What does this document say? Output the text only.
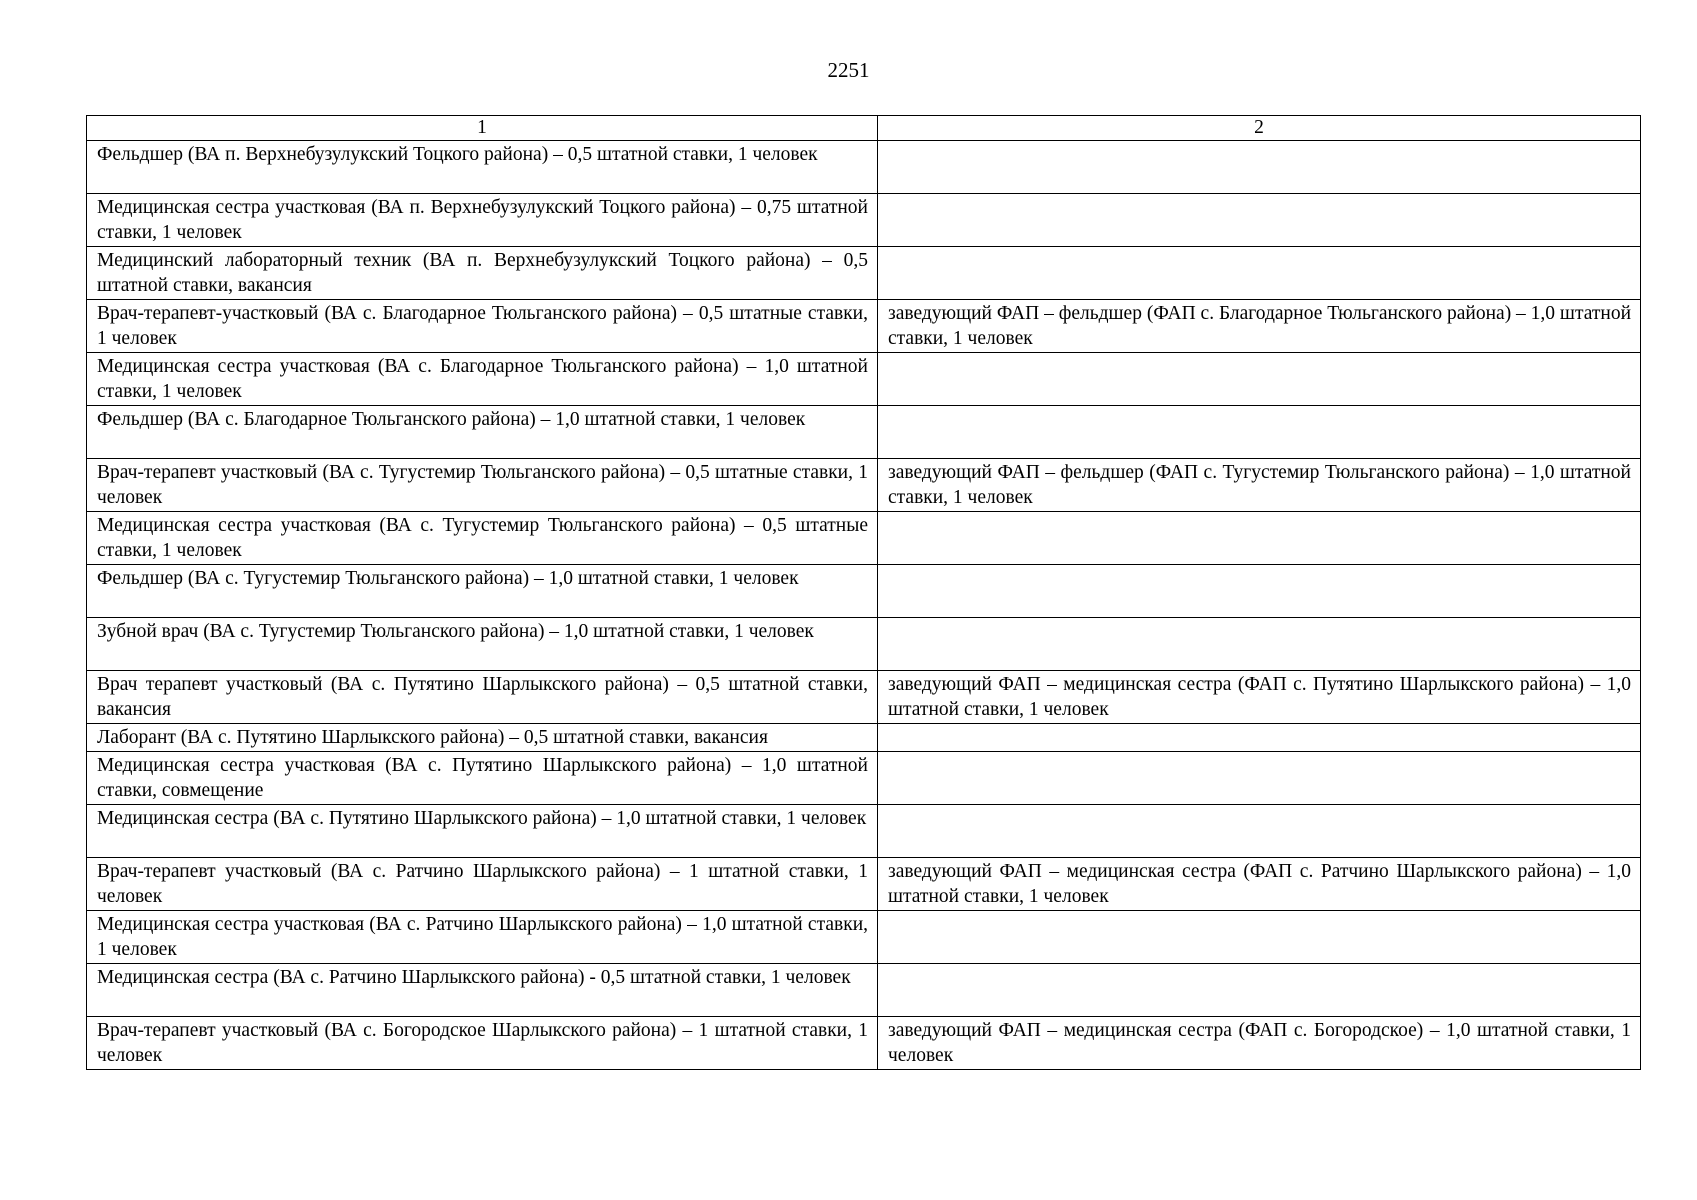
2251
1	2
Фельдшер (ВА п. Верхнебузулукский Тоцкого района) – 0,5 штатной ставки, 1 человек	
Медицинская сестра участковая (ВА п. Верхнебузулукский Тоцкого района) – 0,75 штатной ставки, 1 человек	
Медицинский лабораторный техник (ВА п. Верхнебузулукский Тоцкого района) – 0,5 штатной ставки, вакансия	
Врач-терапевт-участковый (ВА с. Благодарное Тюльганского района) – 0,5 штатные ставки, 1 человек	заведующий ФАП – фельдшер (ФАП с. Благодарное Тюльганского района) – 1,0 штатной ставки, 1 человек
Медицинская сестра участковая (ВА с. Благодарное Тюльганского района) – 1,0 штатной ставки, 1 человек	
Фельдшер (ВА с. Благодарное Тюльганского района) – 1,0 штатной ставки, 1 человек	
Врач-терапевт участковый (ВА с. Тугустемир Тюльганского района) – 0,5 штатные ставки, 1 человек	заведующий ФАП – фельдшер (ФАП с. Тугустемир Тюльганского района) – 1,0 штатной ставки, 1 человек
Медицинская сестра участковая (ВА с. Тугустемир Тюльганского района) – 0,5 штатные ставки, 1 человек	
Фельдшер (ВА с. Тугустемир Тюльганского района) – 1,0 штатной ставки, 1 человек	
Зубной врач (ВА с. Тугустемир Тюльганского района) – 1,0 штатной ставки, 1 человек	
Врач терапевт участковый (ВА с. Путятино Шарлыкского района) – 0,5 штатной ставки, вакансия	заведующий ФАП – медицинская сестра (ФАП с. Путятино Шарлыкского района) – 1,0 штатной ставки, 1 человек
Лаборант (ВА с. Путятино Шарлыкского района) – 0,5 штатной ставки, вакансия	
Медицинская сестра участковая (ВА с. Путятино Шарлыкского района) – 1,0 штатной ставки, совмещение	
Медицинская сестра (ВА с. Путятино Шарлыкского района) – 1,0 штатной ставки, 1 человек	
Врач-терапевт участковый (ВА с. Ратчино Шарлыкского района) – 1 штатной ставки, 1 человек	заведующий ФАП – медицинская сестра (ФАП с. Ратчино Шарлыкского района) – 1,0 штатной ставки, 1 человек
Медицинская сестра участковая (ВА с. Ратчино Шарлыкского района) – 1,0 штатной ставки, 1 человек	
Медицинская сестра (ВА с. Ратчино Шарлыкского района) - 0,5 штатной ставки, 1 человек	
Врач-терапевт участковый (ВА с. Богородское Шарлыкского района) – 1 штатной ставки, 1 человек	заведующий ФАП – медицинская сестра (ФАП с. Богородское) – 1,0 штатной ставки, 1 человек
